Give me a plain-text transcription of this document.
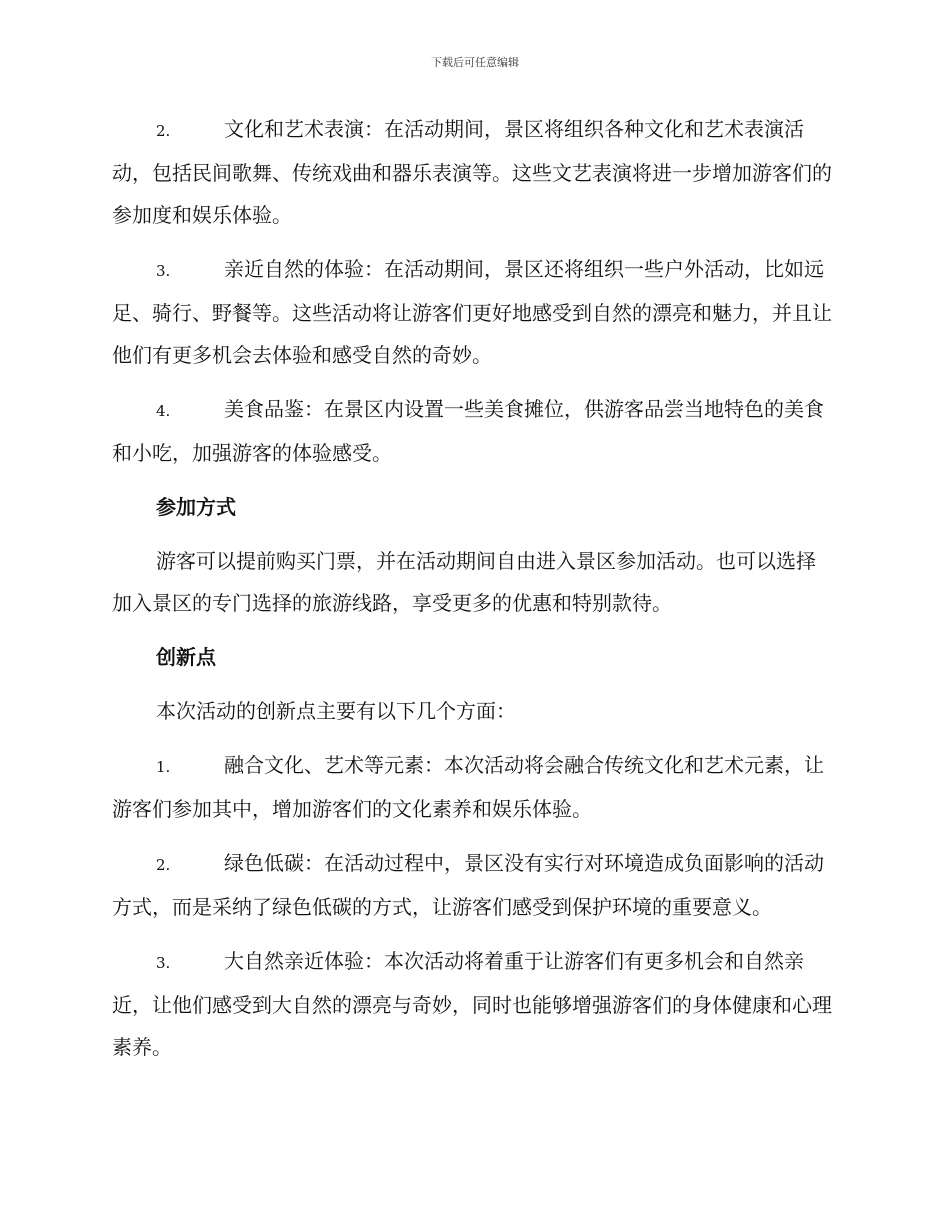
下载后可任意编辑

2.	文化和艺术表演：在活动期间，景区将组织各种文化和艺术表演活动，包括民间歌舞、传统戏曲和器乐表演等。这些文艺表演将进一步增加游客们的参加度和娱乐体验。

3.	亲近自然的体验：在活动期间，景区还将组织一些户外活动，比如远足、骑行、野餐等。这些活动将让游客们更好地感受到自然的漂亮和魅力，并且让他们有更多机会去体验和感受自然的奇妙。

4.	美食品鉴：在景区内设置一些美食摊位，供游客品尝当地特色的美食和小吃，加强游客的体验感受。

参加方式

游客可以提前购买门票，并在活动期间自由进入景区参加活动。也可以选择加入景区的专门选择的旅游线路，享受更多的优惠和特别款待。

创新点

本次活动的创新点主要有以下几个方面：

1.	融合文化、艺术等元素：本次活动将会融合传统文化和艺术元素，让游客们参加其中，增加游客们的文化素养和娱乐体验。

2.	绿色低碳：在活动过程中，景区没有实行对环境造成负面影响的活动方式，而是采纳了绿色低碳的方式，让游客们感受到保护环境的重要意义。

3.	大自然亲近体验：本次活动将着重于让游客们有更多机会和自然亲近，让他们感受到大自然的漂亮与奇妙，同时也能够增强游客们的身体健康和心理素养。
